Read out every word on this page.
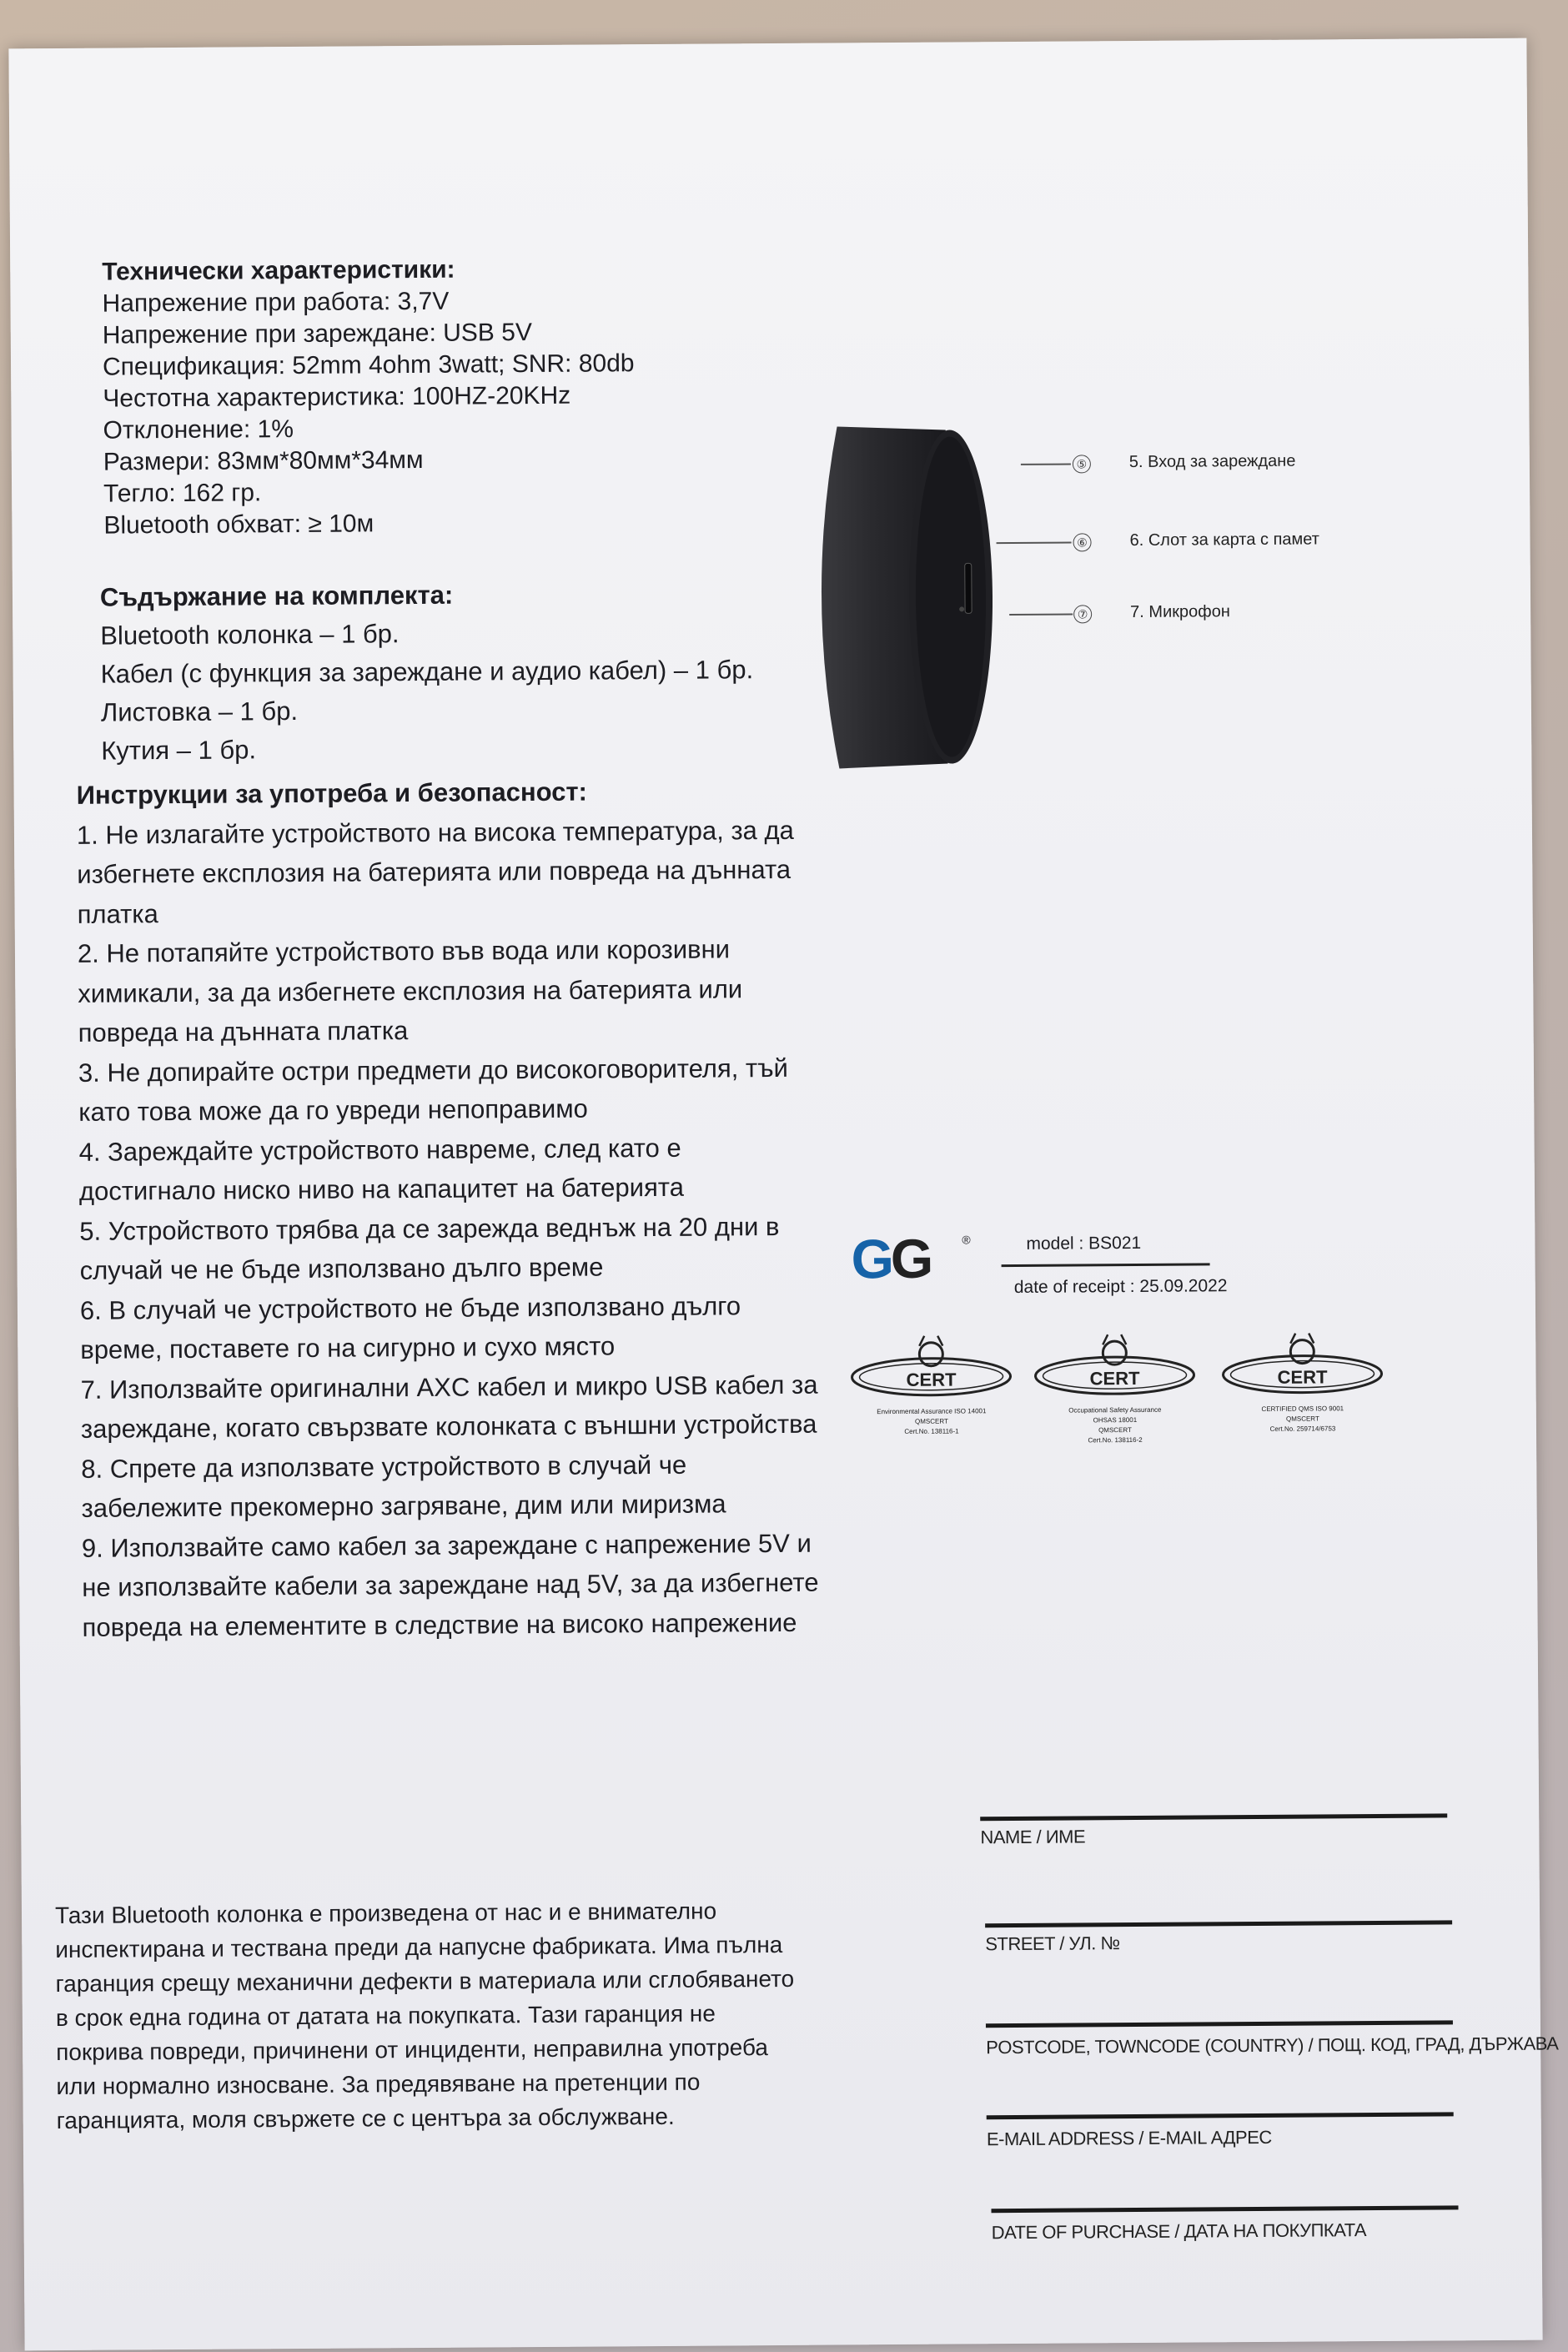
Технически характеристики:
Напрежение при работа: 3,7V
Напрежение при зареждане: USB 5V
Спецификация: 52mm 4ohm 3watt; SNR: 80db
Честотна характеристика: 100HZ-20KHz
Отклонение: 1%
Размери: 83мм*80мм*34мм
Тегло: 162 гр.
Bluetooth обхват: ≥ 10м
Съдържание на комплекта:
Bluetooth колонка – 1 бр.
Кабел (с функция за зареждане и аудио кабел) – 1 бр.
Листовка – 1 бр.
Кутия – 1 бр.
Инструкции за употреба и безопасност:
1. Не излагайте устройството на висока температура, за да
избегнете експлозия на батерията или повреда на дънната
платка
2. Не потапяйте устройството във вода или корозивни
химикали, за да избегнете експлозия на батерията или
повреда на дънната платка
3. Не допирайте остри предмети до високоговорителя, тъй
като това може да го увреди непоправимо
4. Зареждайте устройството навреме, след като е
достигнало ниско ниво на капацитет на батерията
5. Устройството трябва да се зарежда веднъж на 20 дни в
случай че не бъде използвано дълго време
6. В случай че устройството не бъде използвано дълго
време, поставете го на сигурно и сухо място
7. Използвайте оригинални AXC кабел и микро USB кабел за
зареждане, когато свързвате колонката с външни устройства
8. Спрете да използвате устройството в случай че
забележите прекомерно загряване, дим или миризма
9. Използвайте само кабел за зареждане с напрежение 5V и
не използвайте кабели за зареждане над 5V, за да избегнете
повреда на елементите в следствие на високо напрежение
⑤	5. Вход за зареждане
⑥	6. Слот за карта с памет
⑦	7. Микрофон
GG	®	model : BS021
date of receipt : 25.09.2022
CERT
Environmental Assurance ISO 14001
QMSCERT
Cert.No. 138116-1
CERT
Occupational Safety Assurance
OHSAS 18001
QMSCERT
Cert.No. 138116-2
CERT
CERTIFIED QMS ISO 9001
QMSCERT
Cert.No. 259714/6753
Тази Bluetooth колонка е произведена от нас и е внимателно
инспектирана и тествана преди да напусне фабриката. Има пълна
гаранция срещу механични дефекти в материала или сглобяването
в срок една година от датата на покупката. Тази гаранция не
покрива повреди, причинени от инциденти, неправилна употреба
или нормално износване. За предявяване на претенции по
гаранцията, моля свържете се с центъра за обслужване.
NAME / ИМЕ
STREET / УЛ. №
POSTCODE, TOWNCODE (COUNTRY) / ПОЩ. КОД, ГРАД, ДЪРЖАВА
E-MAIL ADDRESS / E-MAIL АДРЕС
DATE OF PURCHASE / ДАТА НА ПОКУПКАТА
